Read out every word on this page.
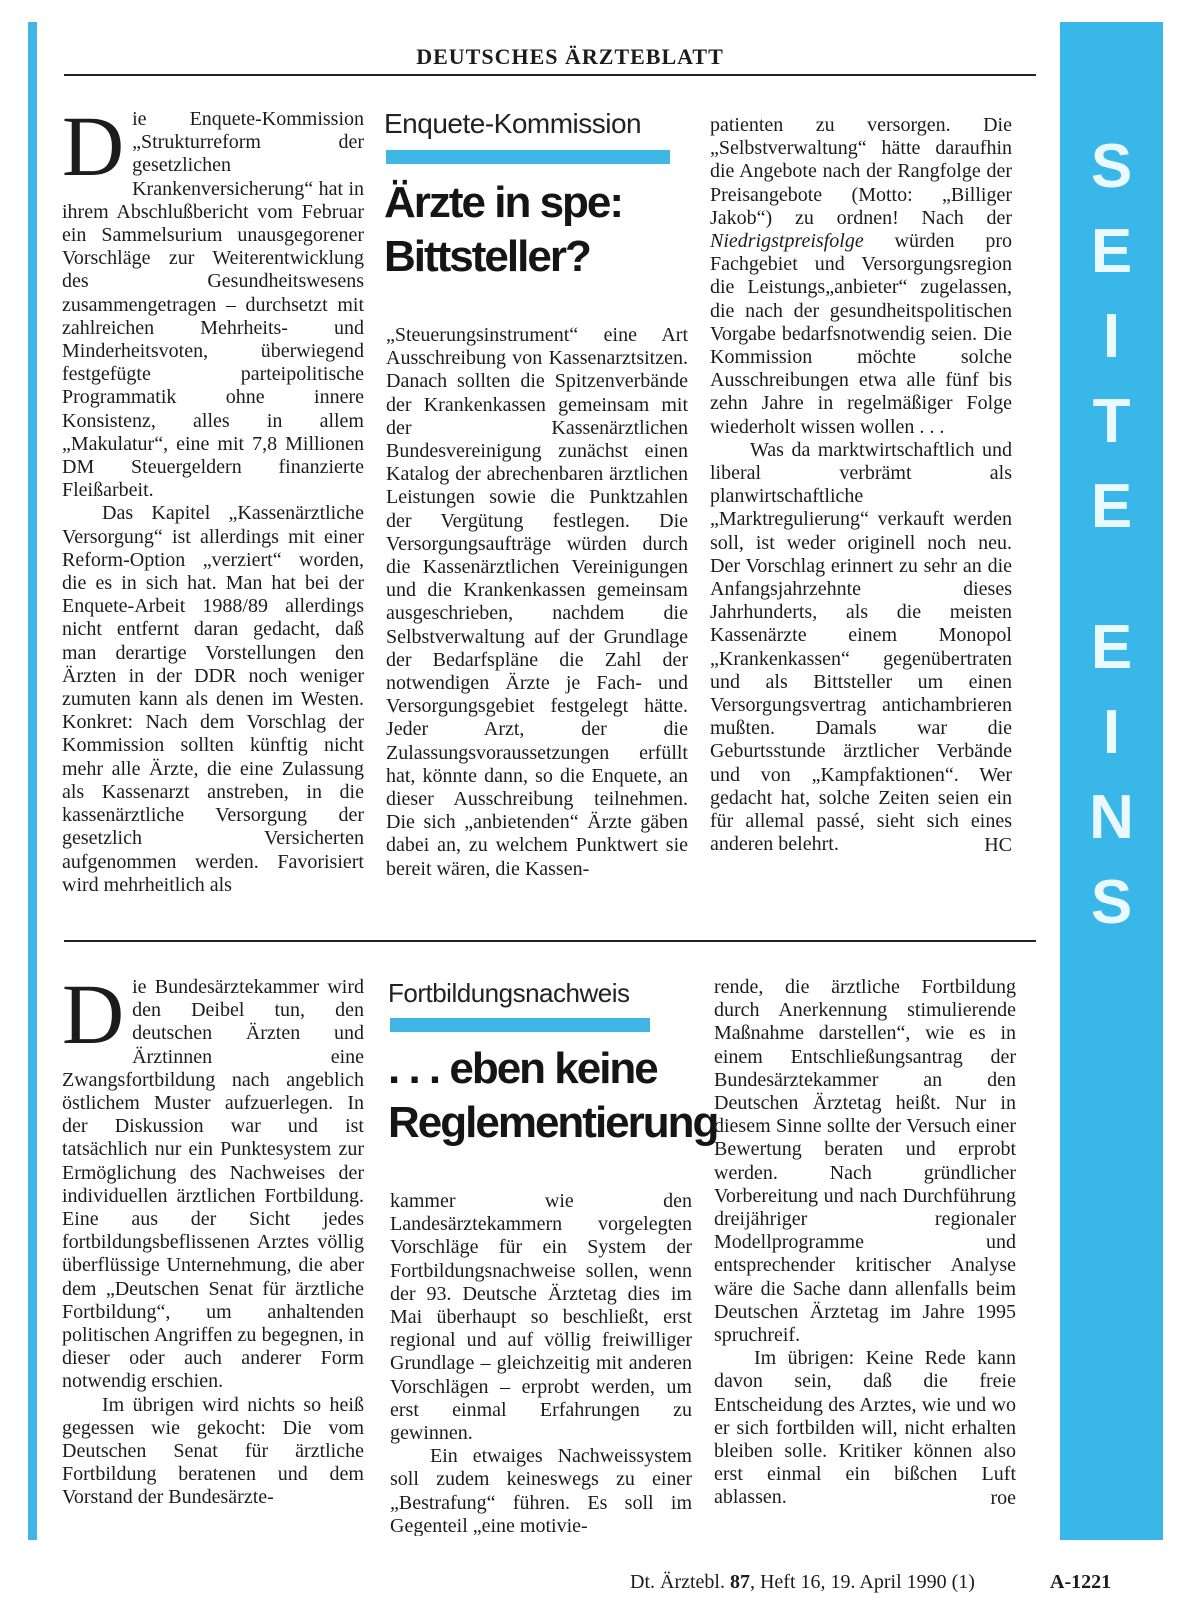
S
E
I
T
E
E
I
N
S
DEUTSCHES ÄRZTEBLATT
D ie Enquete-Kommission „Strukturreform der gesetzlichen Krankenversicherung“ hat in ihrem Abschlußbericht vom Februar ein Sammelsurium unausgegorener Vorschläge zur Weiterentwicklung des Gesundheitswesens zusammengetragen – durchsetzt mit zahlreichen Mehrheits- und Minderheitsvoten, überwiegend festgefügte parteipolitische Programmatik ohne innere Konsistenz, alles in allem „Makulatur“, eine mit 7,8 Millionen DM Steuergeldern finanzierte Fleißarbeit.

Das Kapitel „Kassenärztliche Versorgung“ ist allerdings mit einer Reform-Option „verziert“ worden, die es in sich hat. Man hat bei der Enquete-Arbeit 1988/89 allerdings nicht entfernt daran gedacht, daß man derartige Vorstellungen den Ärzten in der DDR noch weniger zumuten kann als denen im Westen. Konkret: Nach dem Vorschlag der Kommission sollten künftig nicht mehr alle Ärzte, die eine Zulassung als Kassenarzt anstreben, in die kassenärztliche Versorgung der gesetzlich Versicherten aufgenommen werden. Favorisiert wird mehrheitlich als

Enquete-Kommission
Ärzte in spe:
Bittsteller?

„Steuerungsinstrument“ eine Art Ausschreibung von Kassenarztsitzen. Danach sollten die Spitzenverbände der Krankenkassen gemeinsam mit der Kassenärztlichen Bundesvereinigung zunächst einen Katalog der abrechenbaren ärztlichen Leistungen sowie die Punktzahlen der Vergütung festlegen. Die Versorgungsaufträge würden durch die Kassenärztlichen Vereinigungen und die Krankenkassen gemeinsam ausgeschrieben, nachdem die Selbstverwaltung auf der Grundlage der Bedarfspläne die Zahl der notwendigen Ärzte je Fach- und Versorgungsgebiet festgelegt hätte. Jeder Arzt, der die Zulassungsvoraussetzungen erfüllt hat, könnte dann, so die Enquete, an dieser Ausschreibung teilnehmen. Die sich „anbietenden“ Ärzte gäben dabei an, zu welchem Punktwert sie bereit wären, die Kassen-

patienten zu versorgen. Die „Selbstverwaltung“ hätte daraufhin die Angebote nach der Rangfolge der Preisangebote (Motto: „Billiger Jakob“) zu ordnen! Nach der Niedrigstpreisfolge würden pro Fachgebiet und Versorgungsregion die Leistungs„anbieter“ zugelassen, die nach der gesundheitspolitischen Vorgabe bedarfsnotwendig seien. Die Kommission möchte solche Ausschreibungen etwa alle fünf bis zehn Jahre in regelmäßiger Folge wiederholt wissen wollen . . .

Was da marktwirtschaftlich und liberal verbrämt als planwirtschaftliche „Marktregulierung“ verkauft werden soll, ist weder originell noch neu. Der Vorschlag erinnert zu sehr an die Anfangsjahrzehnte dieses Jahrhunderts, als die meisten Kassenärzte einem Monopol „Krankenkassen“ gegenübertraten und als Bittsteller um einen Versorgungsvertrag antichambrieren mußten. Damals war die Geburtsstunde ärztlicher Verbände und von „Kampfaktionen“. Wer gedacht hat, solche Zeiten seien ein für allemal passé, sieht sich eines anderen belehrt.	HC

D ie Bundesärztekammer wird den Deibel tun, den deutschen Ärzten und Ärztinnen eine Zwangsfortbildung nach angeblich östlichem Muster aufzuerlegen. In der Diskussion war und ist tatsächlich nur ein Punktesystem zur Ermöglichung des Nachweises der individuellen ärztlichen Fortbildung. Eine aus der Sicht jedes fortbildungsbeflissenen Arztes völlig überflüssige Unternehmung, die aber dem „Deutschen Senat für ärztliche Fortbildung“, um anhaltenden politischen Angriffen zu begegnen, in dieser oder auch anderer Form notwendig erschien.

Im übrigen wird nichts so heiß gegessen wie gekocht: Die vom Deutschen Senat für ärztliche Fortbildung beratenen und dem Vorstand der Bundesärzte-

Fortbildungsnachweis
. . . eben keine
Reglementierung

kammer wie den Landesärztekammern vorgelegten Vorschläge für ein System der Fortbildungsnachweise sollen, wenn der 93. Deutsche Ärztetag dies im Mai überhaupt so beschließt, erst regional und auf völlig freiwilliger Grundlage – gleichzeitig mit anderen Vorschlägen – erprobt werden, um erst einmal Erfahrungen zu gewinnen.

Ein etwaiges Nachweissystem soll zudem keineswegs zu einer „Bestrafung“ führen. Es soll im Gegenteil „eine motivie-

rende, die ärztliche Fortbildung durch Anerkennung stimulierende Maßnahme darstellen“, wie es in einem Entschließungsantrag der Bundesärztekammer an den Deutschen Ärztetag heißt. Nur in diesem Sinne sollte der Versuch einer Bewertung beraten und erprobt werden. Nach gründlicher Vorbereitung und nach Durchführung dreijähriger regionaler Modellprogramme und entsprechender kritischer Analyse wäre die Sache dann allenfalls beim Deutschen Ärztetag im Jahre 1995 spruchreif.

Im übrigen: Keine Rede kann davon sein, daß die freie Entscheidung des Arztes, wie und wo er sich fortbilden will, nicht erhalten bleiben solle. Kritiker können also erst einmal ein bißchen Luft ablassen.	roe

Dt. Ärztebl. 87, Heft 16, 19. April 1990 (1)	A-1221
